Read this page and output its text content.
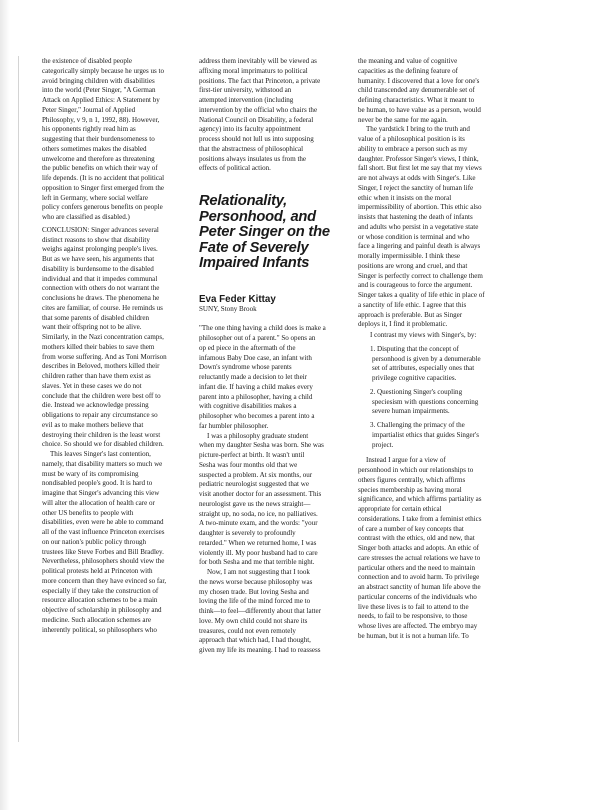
the existence of disabled people

categorically simply because he urges us to

avoid bringing children with disabilities

into the world (Peter Singer, "A German

Attack on Applied Ethics: A Statement by

Peter Singer," Journal of Applied

Philosophy, v 9, n 1, 1992, 88). However,

his opponents rightly read him as

suggesting that their burdensomeness to

others sometimes makes the disabled

unwelcome and therefore as threatening

the public benefits on which their way of

life depends. (It is no accident that political

opposition to Singer first emerged from the

left in Germany, where social welfare

policy confers generous benefits on people

who are classified as disabled.)

CONCLUSION: Singer advances several

distinct reasons to show that disability

weighs against prolonging people's lives.

But as we have seen, his arguments that

disability is burdensome to the disabled

individual and that it impedes communal

connection with others do not warrant the

conclusions he draws. The phenomena he

cites are familiar, of course. He reminds us

that some parents of disabled children

want their offspring not to be alive.

Similarly, in the Nazi concentration camps,

mothers killed their babies to save them

from worse suffering. And as Toni Morrison

describes in Beloved, mothers killed their

children rather than have them exist as

slaves. Yet in these cases we do not

conclude that the children were best off to

die. Instead we acknowledge pressing

obligations to repair any circumstance so

evil as to make mothers believe that

destroying their children is the least worst

choice. So should we for disabled children.

This leaves Singer's last contention,

namely, that disability matters so much we

must be wary of its compromising

nondisabled people's good. It is hard to

imagine that Singer's advancing this view

will alter the allocation of health care or

other US benefits to people with

disabilities, even were he able to command

all of the vast influence Princeton exercises

on our nation's public policy through

trustees like Steve Forbes and Bill Bradley.

Nevertheless, philosophers should view the

political protests held at Princeton with

more concern than they have evinced so far,

especially if they take the construction of

resource allocation schemes to be a main

objective of scholarship in philosophy and

medicine. Such allocation schemes are

inherently political, so philosophers who

address them inevitably will be viewed as

affixing moral imprimaturs to political

positions. The fact that Princeton, a private

first-tier university, withstood an

attempted intervention (including

intervention by the official who chairs the

National Council on Disability, a federal

agency) into its faculty appointment

process should not lull us into supposing

that the abstractness of philosophical

positions always insulates us from the

effects of political action.

Relationality,
Personhood, and
Peter Singer on the
Fate of Severely
Impaired Infants
Eva Feder Kittay
SUNY, Stony Brook

"The one thing having a child does is make a

philosopher out of a parent." So opens an

op ed piece in the aftermath of the

infamous Baby Doe case, an infant with

Down's syndrome whose parents

reluctantly made a decision to let their

infant die. If having a child makes every

parent into a philosopher, having a child

with cognitive disabilities makes a

philosopher who becomes a parent into a

far humbler philosopher.

I was a philosophy graduate student

when my daughter Sesha was born. She was

picture-perfect at birth. It wasn't until

Sesha was four months old that we

suspected a problem. At six months, our

pediatric neurologist suggested that we

visit another doctor for an assessment. This

neurologist gave us the news straight—

straight up, no soda, no ice, no palliatives.

A two-minute exam, and the words: "your

daughter is severely to profoundly

retarded." When we returned home, I was

violently ill. My poor husband had to care

for both Sesha and me that terrible night.

Now, I am not suggesting that I took

the news worse because philosophy was

my chosen trade. But loving Sesha and

loving the life of the mind forced me to

think—to feel—differently about that latter

love. My own child could not share its

treasures, could not even remotely

approach that which had, I had thought,

given my life its meaning. I had to reassess

the meaning and value of cognitive

capacities as the defining feature of

humanity. I discovered that a love for one's

child transcended any denumerable set of

defining characteristics. What it meant to

be human, to have value as a person, would

never be the same for me again.

The yardstick I bring to the truth and

value of a philosophical position is its

ability to embrace a person such as my

daughter. Professor Singer's views, I think,

fall short. But first let me say that my views

are not always at odds with Singer's. Like

Singer, I reject the sanctity of human life

ethic when it insists on the moral

impermissibility of abortion. This ethic also

insists that hastening the death of infants

and adults who persist in a vegetative state

or whose condition is terminal and who

face a lingering and painful death is always

morally impermissible. I think these

positions are wrong and cruel, and that

Singer is perfectly correct to challenge them

and is courageous to force the argument.

Singer takes a quality of life ethic in place of

a sanctity of life ethic. I agree that this

approach is preferable. But as Singer

deploys it, I find it problematic.

I contrast my views with Singer's, by:

1. Disputing that the concept of

personhood is given by a denumerable

set of attributes, especially ones that

privilege cognitive capacities.

2. Questioning Singer's coupling

speciesism with questions concerning

severe human impairments.

3. Challenging the primacy of the

impartialist ethics that guides Singer's

project.

Instead I argue for a view of

personhood in which our relationships to

others figures centrally, which affirms

species membership as having moral

significance, and which affirms partiality as

appropriate for certain ethical

considerations. I take from a feminist ethics

of care a number of key concepts that

contrast with the ethics, old and new, that

Singer both attacks and adopts. An ethic of

care stresses the actual relations we have to

particular others and the need to maintain

connection and to avoid harm. To privilege

an abstract sanctity of human life above the

particular concerns of the individuals who

live these lives is to fail to attend to the

needs, to fail to be responsive, to those

whose lives are affected. The embryo may

be human, but it is not a human life. To
